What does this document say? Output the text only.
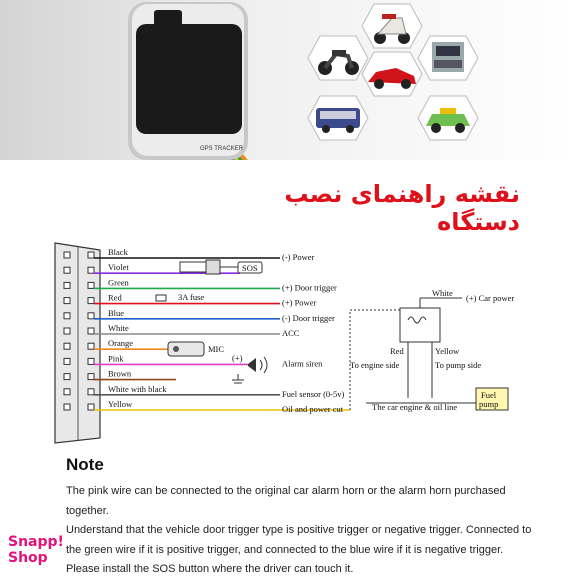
GPS TRACKER
نقشه راهنمای نصب دستگاه
Black	(-) Power
Violet
Green	(+) Door trigger
Red	(+) Power
Blue	(-) Door trigger
White	ACC
Orange
Pink	Alarm siren
Brown
White with black	Fuel sensor (0-5v)
Yellow	Oil and power cut
SOS
3A fuse
MIC
(+)
White (+) Car power
Red
To engine side
Yellow
To pump side
The car engine & oil line
Fuel
pump
Note

The pink wire can be connected to the original car alarm horn or the alarm horn purchased together.

Understand that the vehicle door trigger type is positive trigger or negative trigger. Connected to the green wire if it is positive trigger, and connected to the blue wire if it is negative trigger.

Please install the SOS button where the driver can touch it.

Snapp!
Shop
